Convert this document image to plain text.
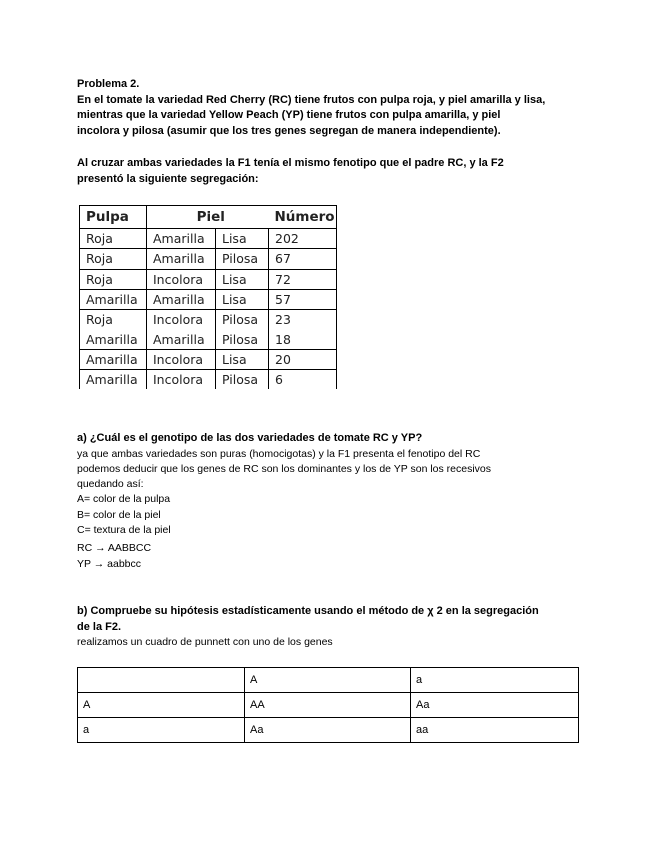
Problema 2.
En el tomate la variedad Red Cherry (RC) tiene frutos con pulpa roja, y piel amarilla y lisa,
mientras que la variedad Yellow Peach (YP) tiene frutos con pulpa amarilla, y piel
incolora y pilosa (asumir que los tres genes segregan de manera independiente).
Al cruzar ambas variedades la F1 tenía el mismo fenotipo que el padre RC, y la F2
presentó la siguiente segregación:
Pulpa	Piel		Número
Roja	Amarilla	Lisa	202
Roja	Amarilla	Pilosa	67
Roja	Incolora	Lisa	72
Amarilla	Amarilla	Lisa	57
Roja	Incolora	Pilosa	23
Amarilla	Amarilla	Pilosa	18
Amarilla	Incolora	Lisa	20
Amarilla	Incolora	Pilosa	6
a) ¿Cuál es el genotipo de las dos variedades de tomate RC y YP?
ya que ambas variedades son puras (homocigotas) y la F1 presenta el fenotipo del RC
podemos deducir que los genes de RC son los dominantes y los de YP son los recesivos
quedando así:
A= color de la pulpa
B= color de la piel
C= textura de la piel
RC → AABBCC
YP → aabbcc
b) Compruebe su hipótesis estadísticamente usando el método de χ 2 en la segregación
de la F2.
realizamos un cuadro de punnett con uno de los genes
	A	a
A	AA	Aa
a	Aa	aa
